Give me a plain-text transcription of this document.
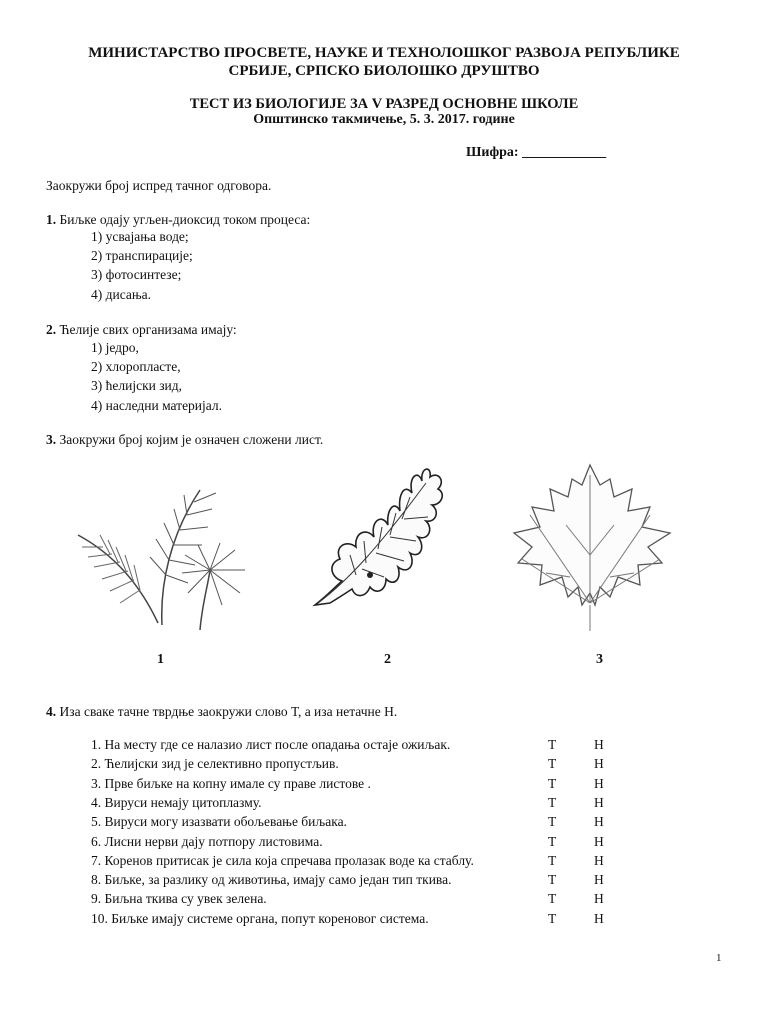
МИНИСТАРСТВО ПРОСВЕТЕ, НАУКЕ И ТЕХНОЛОШКОГ РАЗВОЈА РЕПУБЛИКЕ
СРБИЈЕ, СРПСКО БИОЛОШКО ДРУШТВО
ТЕСТ ИЗ БИОЛОГИЈЕ ЗА V РАЗРЕД ОСНОВНЕ ШКОЛЕ
Општинско такмичење, 5. 3. 2017. године
Шифра: ____________
Заокружи број испред тачног одговора.
1. Биљке одају угљен-диоксид током процеса:
1) усвајања воде;
2) транспирације;
3) фотосинтезе;
4) дисања.
2. Ћелије свих организама имају:
1) једро,
2) хлоропласте,
3) ћелијски зид,
4) наследни материјал.
3. Заокружи број којим је означен сложени лист.
1	2	3
4. Иза сваке тачне тврдње заокружи слово Т, а иза нетачне Н.
1. На месту где се налазио лист после опадања остаје ожиљак.	Т	Н
2. Ћелијски зид је селективно пропустљив.	Т	Н
3. Прве биљке на копну имале су праве листове .	Т	Н
4. Вируси немају цитоплазму.	Т	Н
5. Вируси могу изазвати обољевање биљака.	Т	Н
6. Лисни нерви дају потпору листовима.	Т	Н
7. Коренов притисак је сила која спречава пролазак воде ка стаблу.	Т	Н
8. Биљке, за разлику од животиња, имају само један тип ткива.	Т	Н
9. Биљна ткива су увек зелена.	Т	Н
10. Биљке имају системе органа, попут кореновог система.	Т	Н
1
